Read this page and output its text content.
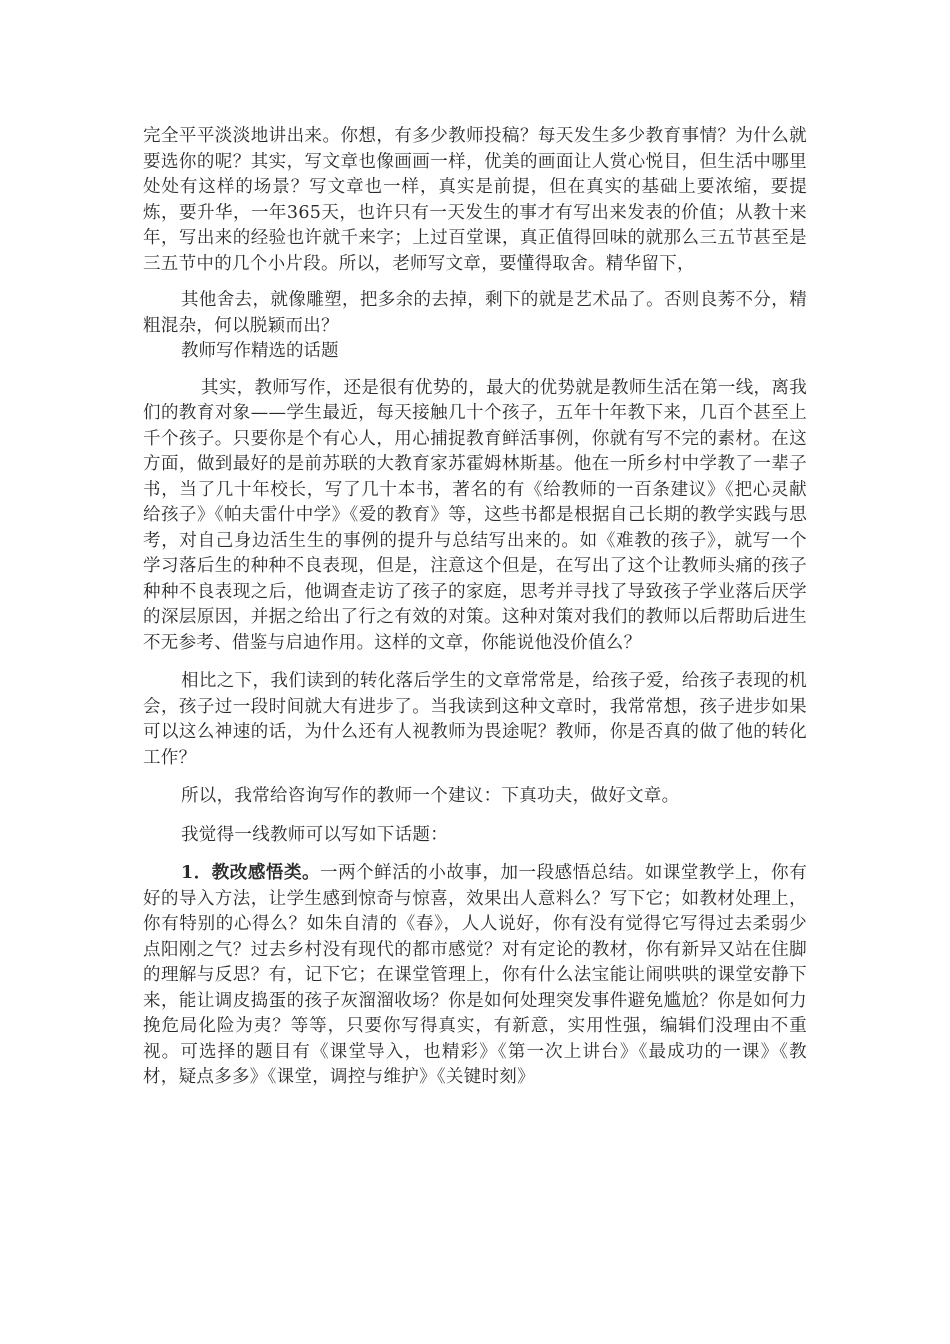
完全平平淡淡地讲出来。你想，有多少教师投稿？每天发生多少教育事情？为什么就要选你的呢？其实，写文章也像画画一样，优美的画面让人赏心悦目，但生活中哪里处处有这样的场景？写文章也一样，真实是前提，但在真实的基础上要浓缩，要提炼，要升华，一年365天，也许只有一天发生的事才有写出来发表的价值；从教十来年，写出来的经验也许就千来字；上过百堂课，真正值得回味的就那么三五节甚至是三五节中的几个小片段。所以，老师写文章，要懂得取舍。精华留下，

其他舍去，就像雕塑，把多余的去掉，剩下的就是艺术品了。否则良莠不分，精粗混杂，何以脱颖而出？

教师写作精选的话题

其实，教师写作，还是很有优势的，最大的优势就是教师生活在第一线，离我们的教育对象——学生最近，每天接触几十个孩子，五年十年教下来，几百个甚至上千个孩子。只要你是个有心人，用心捕捉教育鲜活事例，你就有写不完的素材。在这方面，做到最好的是前苏联的大教育家苏霍姆林斯基。他在一所乡村中学教了一辈子书，当了几十年校长，写了几十本书，著名的有《给教师的一百条建议》《把心灵献给孩子》《帕夫雷什中学》《爱的教育》等，这些书都是根据自己长期的教学实践与思考，对自己身边活生生的事例的提升与总结写出来的。如《难教的孩子》，就写一个学习落后生的种种不良表现，但是，注意这个但是，在写出了这个让教师头痛的孩子种种不良表现之后，他调查走访了孩子的家庭，思考并寻找了导致孩子学业落后厌学的深层原因，并据之给出了行之有效的对策。这种对策对我们的教师以后帮助后进生不无参考、借鉴与启迪作用。这样的文章，你能说他没价值么？

相比之下，我们读到的转化落后学生的文章常常是，给孩子爱，给孩子表现的机会，孩子过一段时间就大有进步了。当我读到这种文章时，我常常想，孩子进步如果可以这么神速的话，为什么还有人视教师为畏途呢？教师，你是否真的做了他的转化工作？

所以，我常给咨询写作的教师一个建议：下真功夫，做好文章。

我觉得一线教师可以写如下话题：

1．教改感悟类。一两个鲜活的小故事，加一段感悟总结。如课堂教学上，你有好的导入方法，让学生感到惊奇与惊喜，效果出人意料么？写下它；如教材处理上，你有特别的心得么？如朱自清的《春》，人人说好，你有没有觉得它写得过去柔弱少点阳刚之气？过去乡村没有现代的都市感觉？对有定论的教材，你有新异又站在住脚的理解与反思？有，记下它；在课堂管理上，你有什么法宝能让闹哄哄的课堂安静下来，能让调皮捣蛋的孩子灰溜溜收场？你是如何处理突发事件避免尴尬？你是如何力挽危局化险为夷？等等，只要你写得真实，有新意，实用性强，编辑们没理由不重视。可选择的题目有《课堂导入，也精彩》《第一次上讲台》《最成功的一课》《教材，疑点多多》《课堂，调控与维护》《关键时刻》
